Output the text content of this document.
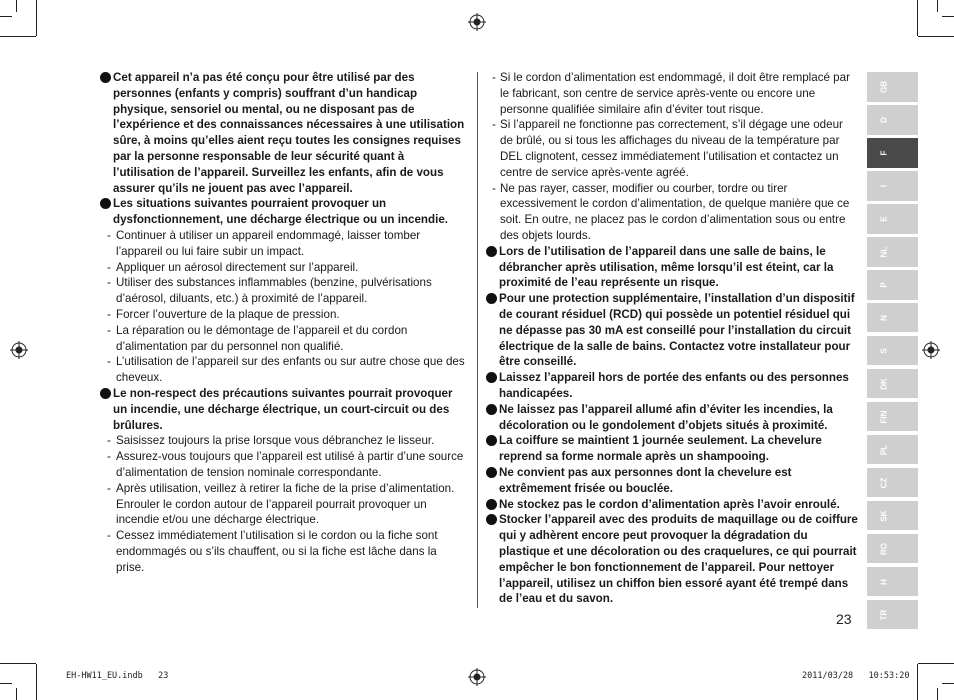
Cet appareil n’a pas été conçu pour être utilisé par des personnes (enfants y compris) souffrant d’un handicap physique, sensoriel ou mental, ou ne disposant pas de l’expérience et des connaissances nécessaires à une utilisation sûre, à moins qu’elles aient reçu toutes les consignes requises par la personne responsable de leur sécurité quant à l’utilisation de l’appareil. Surveillez les enfants, afin de vous assurer qu’ils ne jouent pas avec l’appareil.
Les situations suivantes pourraient provoquer un dysfonctionnement, une décharge électrique ou un incendie.
- Continuer à utiliser un appareil endommagé, laisser tomber l’appareil ou lui faire subir un impact.
- Appliquer un aérosol directement sur l’appareil.
- Utiliser des substances inflammables (benzine, pulvérisations d’aérosol, diluants, etc.) à proximité de l’appareil.
- Forcer l’ouverture de la plaque de pression.
- La réparation ou le démontage de l’appareil et du cordon d’alimentation par du personnel non qualifié.
- L’utilisation de l’appareil sur des enfants ou sur autre chose que des cheveux.
Le non-respect des précautions suivantes pourrait provoquer un incendie, une décharge électrique, un court-circuit ou des brûlures.
- Saisissez toujours la prise lorsque vous débranchez le lisseur.
- Assurez-vous toujours que l’appareil est utilisé à partir d’une source d’alimentation de tension nominale correspondante.
- Après utilisation, veillez à retirer la fiche de la prise d’alimentation. Enrouler le cordon autour de l’appareil pourrait provoquer un incendie et/ou une décharge électrique.
- Cessez immédiatement l’utilisation si le cordon ou la fiche sont endommagés ou s’ils chauffent, ou si la fiche est lâche dans la prise.
- Si le cordon d’alimentation est endommagé, il doit être remplacé par le fabricant, son centre de service après-vente ou encore une personne qualifiée similaire afin d’éviter tout risque.
- Si l’appareil ne fonctionne pas correctement, s’il dégage une odeur de brûlé, ou si tous les affichages du niveau de la température par DEL clignotent, cessez immédiatement l’utilisation et contactez un centre de service après-vente agréé.
- Ne pas rayer, casser, modifier ou courber, tordre ou tirer excessivement le cordon d’alimentation, de quelque manière que ce soit. En outre, ne placez pas le cordon d’alimentation sous ou entre des objets lourds.
Lors de l’utilisation de l’appareil dans une salle de bains, le débrancher après utilisation, même lorsqu’il est éteint, car la proximité de l’eau représente un risque.
Pour une protection supplémentaire, l’installation d’un dispositif de courant résiduel (RCD) qui possède un potentiel résiduel qui ne dépasse pas 30 mA est conseillé pour l’installation du circuit électrique de la salle de bains. Contactez votre installateur pour être conseillé.
Laissez l’appareil hors de portée des enfants ou des personnes handicapées.
Ne laissez pas l’appareil allumé afin d’éviter les incendies, la décoloration ou le gondolement d’objets situés à proximité.
La coiffure se maintient 1 journée seulement. La chevelure reprend sa forme normale après un shampooing.
Ne convient pas aux personnes dont la chevelure est extrêmement frisée ou bouclée.
Ne stockez pas le cordon d’alimentation après l’avoir enroulé.
Stocker l’appareil avec des produits de maquillage ou de coiffure qui y adhèrent encore peut provoquer la dégradation du plastique et une décoloration ou des craquelures, ce qui pourrait empêcher le bon fonctionnement de l’appareil. Pour nettoyer l’appareil, utilisez un chiffon bien essoré ayant été trempé dans de l’eau et du savon.
GB
D
F
I
E
NL
P
N
S
DK
FIN
PL
CZ
SK
RO
H
TR
23
EH-HW11_EU.indb   23	2011/03/28   10:53:20
